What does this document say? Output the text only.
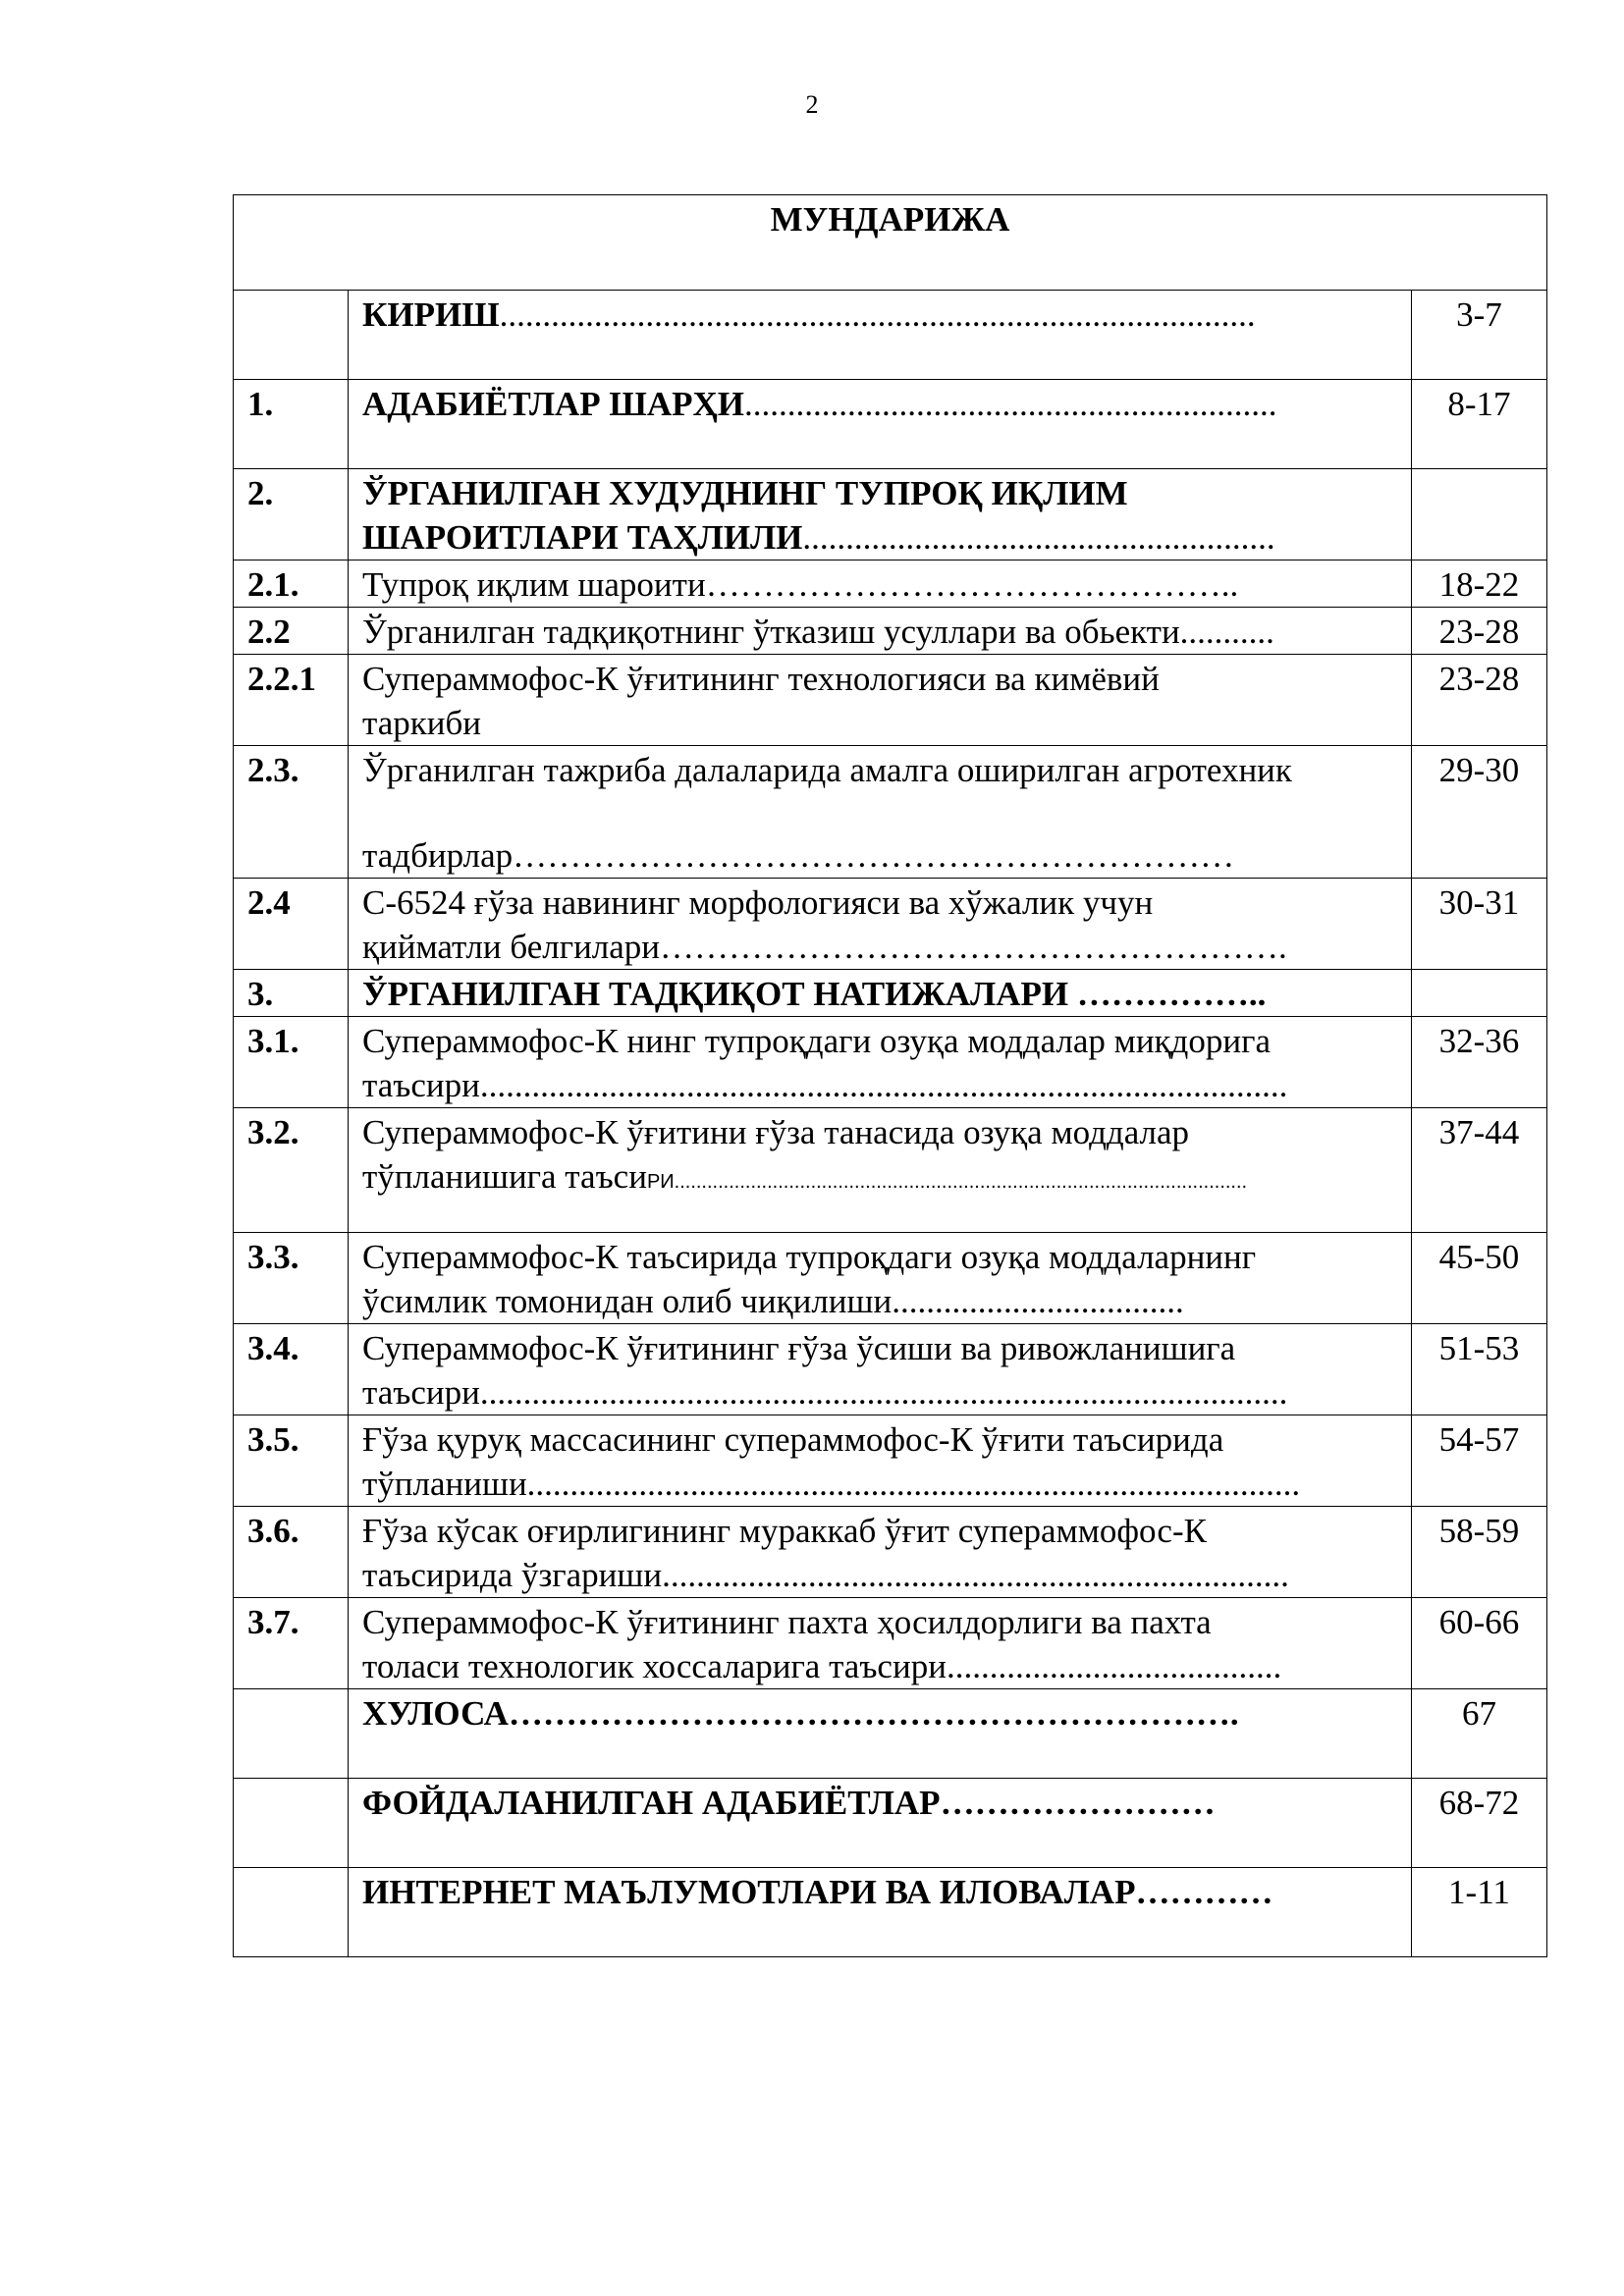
2
МУНДАРИЖА		
	КИРИШ........................................................................................	3-7
1.	АДАБИЁТЛАР ШАРҲИ..............................................................	8-17
2.	ЎРГАНИЛГАН ХУДУДНИНГ ТУПРОҚ ИҚЛИМ
ШАРОИТЛАРИ ТАҲЛИЛИ.......................................................	
2.1.	Тупроқ иқлим шароити………………………………………..	18-22
2.2	Ўрганилган тадқиқотнинг ўтказиш усуллари ва обьекти...........	23-28
2.2.1	Супераммофос-К ўғитининг технологияси ва кимёвий
таркиби	23-28
2.3.	Ўрганилган тажриба далаларида амалга оширилган агротехник
тадбирлар………………………………………………………	29-30
2.4	С-6524 ғўза навининг морфологияси ва хўжалик учун
қийматли белгилари……………………………………………….	30-31
3.	ЎРГАНИЛГАН ТАДҚИҚОТ НАТИЖАЛАРИ ……………..	
3.1.	Супераммофос-К нинг тупроқдаги озуқа моддалар миқдорига
таъсири..............................................................................................	32-36
3.2.	Супераммофос-К ўғитини ғўза танасида озуқа моддалар
тўпланишига таъсиРИ.........................................................................................................	37-44
3.3.	Супераммофос-К таъсирида тупроқдаги озуқа моддаларнинг
ўсимлик томонидан олиб чиқилиши..................................	45-50
3.4.	Супераммофос-К ўғитининг ғўза ўсиши ва ривожланишига
таъсири..............................................................................................	51-53
3.5.	Ғўза қуруқ массасининг супераммофос-К ўғити таъсирида
тўпланиши..........................................................................................	54-57
3.6.	Ғўза кўсак оғирлигининг мураккаб ўғит супераммофос-К
таъсирида ўзгариши.........................................................................	58-59
3.7.	Супераммофос-К ўғитининг пахта ҳосилдорлиги ва пахта
толаси технологик хоссаларига таъсири.......................................	60-66
	ХУЛОСА……………………………………………………….	67
	ФОЙДАЛАНИЛГАН АДАБИЁТЛАР……………………	68-72
	ИНТЕРНЕТ МАЪЛУМОТЛАРИ ВА ИЛОВАЛАР…………	1-11
